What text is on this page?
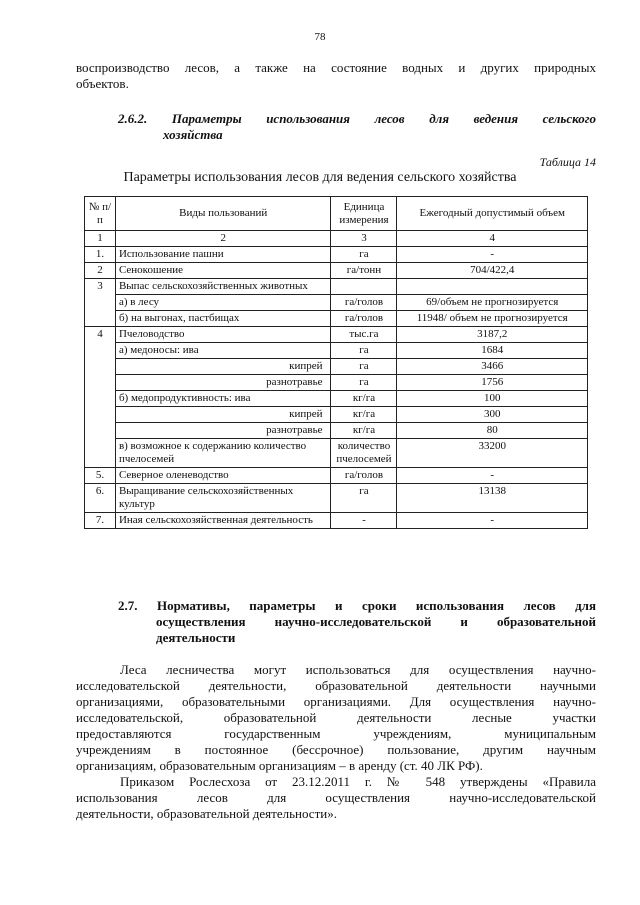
78
воспроизводство лесов, а также на состояние водных и других природных
объектов.
2.6.2. Параметры использования лесов для ведения сельского
хозяйства
Таблица 14
Параметры использования лесов для ведения сельского хозяйства
№ п/п	Виды пользований	Единица измерения	Ежегодный допустимый объем
1	2	3	4
1.	Использование пашни	га	-
2	Сенокошение	га/тонн	704/422,4
3	Выпас сельскохозяйственных животных		
	а) в лесу	га/голов	69/объем не прогнозируется
	б) на выгонах, пастбищах	га/голов	11948/ объем не прогнозируется
4	Пчеловодство	тыс.га	3187,2
	а) медоносы: ива	га	1684
	кипрей	га	3466
	разнотравье	га	1756
	б) медопродуктивность: ива	кг/га	100
	кипрей	кг/га	300
	разнотравье	кг/га	80
	в) возможное к содержанию количество пчелосемей	количество пчелосемей	33200
5.	Северное оленеводство	га/голов	-
6.	Выращивание сельскохозяйственных культур	га	13138
7.	Иная сельскохозяйственная деятельность	-	-
2.7. Нормативы, параметры и сроки использования лесов для
осуществления научно-исследовательской и образовательной
деятельности
Леса лесничества могут использоваться для осуществления научно-
исследовательской деятельности, образовательной деятельности научными
организациями, образовательными организациями. Для осуществления научно-
исследовательской, образовательной деятельности лесные участки
предоставляются государственным учреждениям, муниципальным
учреждениям в постоянное (бессрочное) пользование, другим научным
организациям, образовательным организациям – в аренду (ст. 40 ЛК РФ).
Приказом Рослесхоза от 23.12.2011 г. № 548 утверждены «Правила
использования лесов для осуществления научно-исследовательской
деятельности, образовательной деятельности».
